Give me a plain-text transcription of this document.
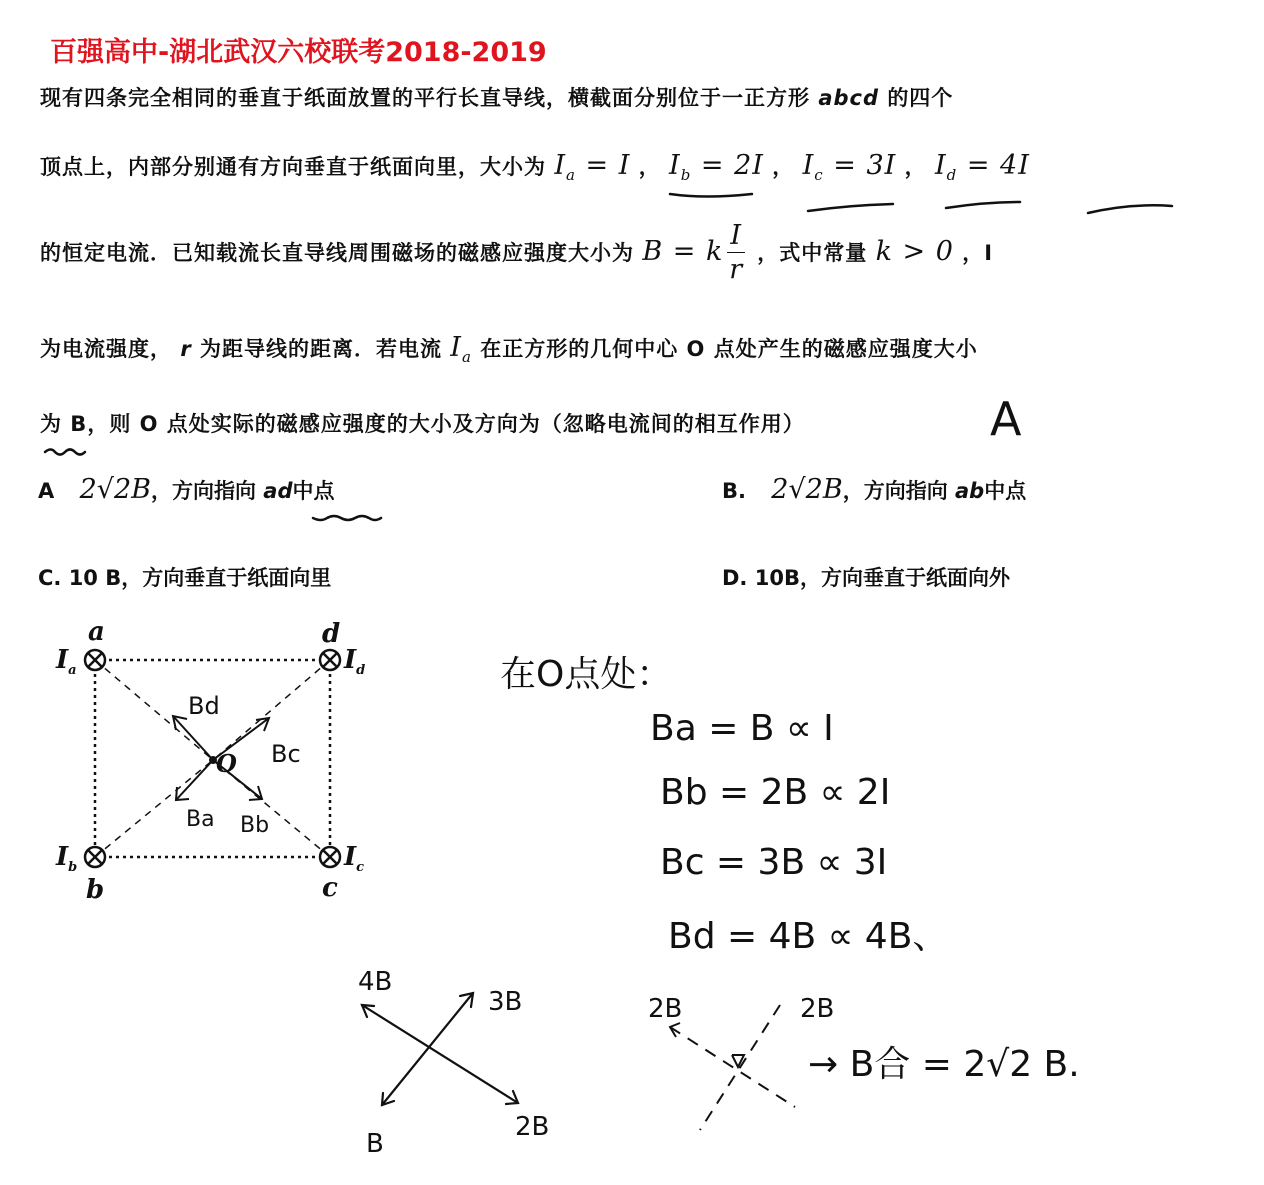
百强高中-湖北武汉六校联考2018-2019
现有四条完全相同的垂直于纸面放置的平行长直导线，横截面分别位于一正方形 abcd 的四个
顶点上，内部分别通有方向垂直于纸面向里，大小为 $I_a = I$ ， $I_b = 2I$ ， $I_c = 3I$ ， $I_d = 4I$
的恒定电流．已知载流长直导线周围磁场的磁感应强度大小为 B = k $\frac{I}{r}$ ，式中常量 k > 0 ，I
为电流强度， r 为距导线的距离．若电流 $I_a$ 在正方形的几何中心 O 点处产生的磁感应强度大小
为 B，则 O 点处实际的磁感应强度的大小及方向为（忽略电流间的相互作用）	A
A 2√2B，方向指向 ad中点	B. 2√2B，方向指向 ab中点
C. 10 B，方向垂直于纸面向里	D. 10B，方向垂直于纸面向外
a	d
b	c
O
$I_a$	$I_d$
$I_b$	$I_c$
Bd
Bc
Ba Bb
在O点处：
Ba = B ∝ I
Bb = 2B ∝ 2I
Bc = 3B ∝ 3I
Bd = 4B ∝ 4B、
4B
3B
B
2B
2B	2B
→ B合 = 2√2 B.
